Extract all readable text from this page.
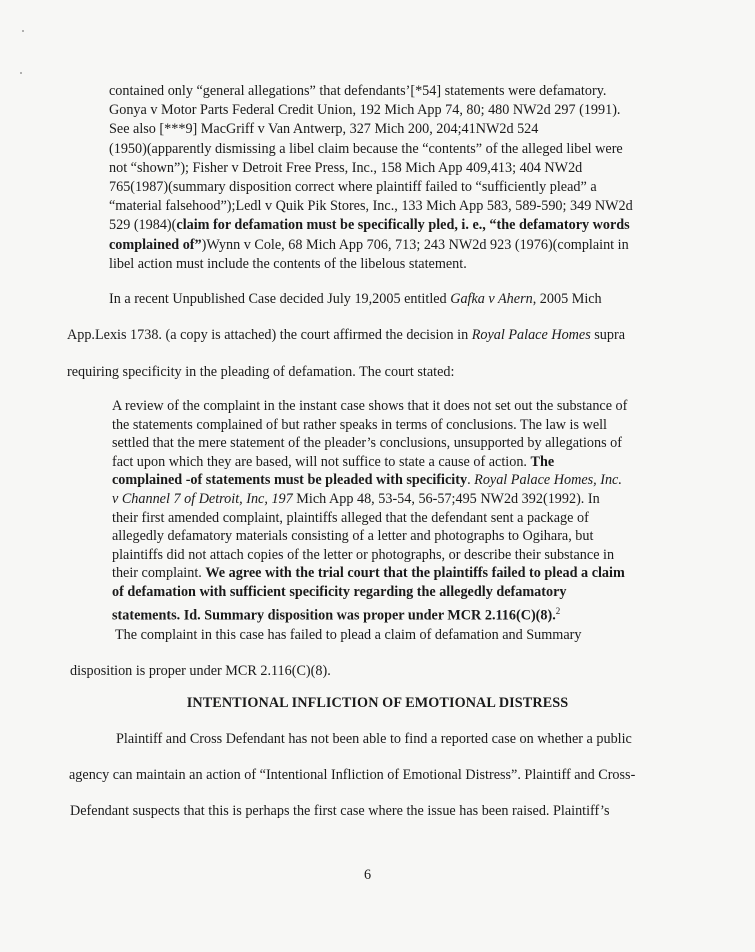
contained only “general allegations” that defendants’[*54] statements were defamatory.
Gonya v Motor Parts Federal Credit Union, 192 Mich App 74, 80; 480 NW2d 297 (1991).
See also [***9] MacGriff v Van Antwerp, 327 Mich 200, 204;41NW2d 524
(1950)(apparently dismissing a libel claim because the “contents” of the alleged libel were
not “shown”); Fisher v Detroit Free Press, Inc., 158 Mich App 409,413; 404 NW2d
765(1987)(summary disposition correct where plaintiff failed to “sufficiently plead” a
“material falsehood”);Ledl v Quik Pik Stores, Inc., 133 Mich App 583, 589-590; 349 NW2d
529 (1984)(claim for defamation must be specifically pled, i. e., “the defamatory words
complained of”)Wynn v Cole, 68 Mich App 706, 713; 243 NW2d 923 (1976)(complaint in
libel action must include the contents of the libelous statement.
In a recent Unpublished Case decided July 19,2005 entitled Gafka v Ahern, 2005 Mich
App.Lexis 1738. (a copy is attached) the court affirmed the decision in Royal Palace Homes supra
requiring specificity in the pleading of defamation. The court stated:
A review of the complaint in the instant case shows that it does not set out the substance of
the statements complained of but rather speaks in terms of conclusions. The law is well
settled that the mere statement of the pleader’s conclusions, unsupported by allegations of
fact upon which they are based, will not suffice to state a cause of action. The
complained -of statements must be pleaded with specificity. Royal Palace Homes, Inc.
v Channel 7 of Detroit, Inc, 197 Mich App 48, 53-54, 56-57;495 NW2d 392(1992). In
their first amended complaint, plaintiffs alleged that the defendant sent a package of
allegedly defamatory materials consisting of a letter and photographs to Ogihara, but
plaintiffs did not attach copies of the letter or photographs, or describe their substance in
their complaint. We agree with the trial court that the plaintiffs failed to plead a claim
of defamation with sufficient specificity regarding the allegedly defamatory
statements. Id. Summary disposition was proper under MCR 2.116(C)(8).$^2$
The complaint in this case has failed to plead a claim of defamation and Summary
disposition is proper under MCR 2.116(C)(8).
INTENTIONAL INFLICTION OF EMOTIONAL DISTRESS
Plaintiff and Cross Defendant has not been able to find a reported case on whether a public
agency can maintain an action of “Intentional Infliction of Emotional Distress”. Plaintiff and Cross-
Defendant suspects that this is perhaps the first case where the issue has been raised. Plaintiff’s
6
